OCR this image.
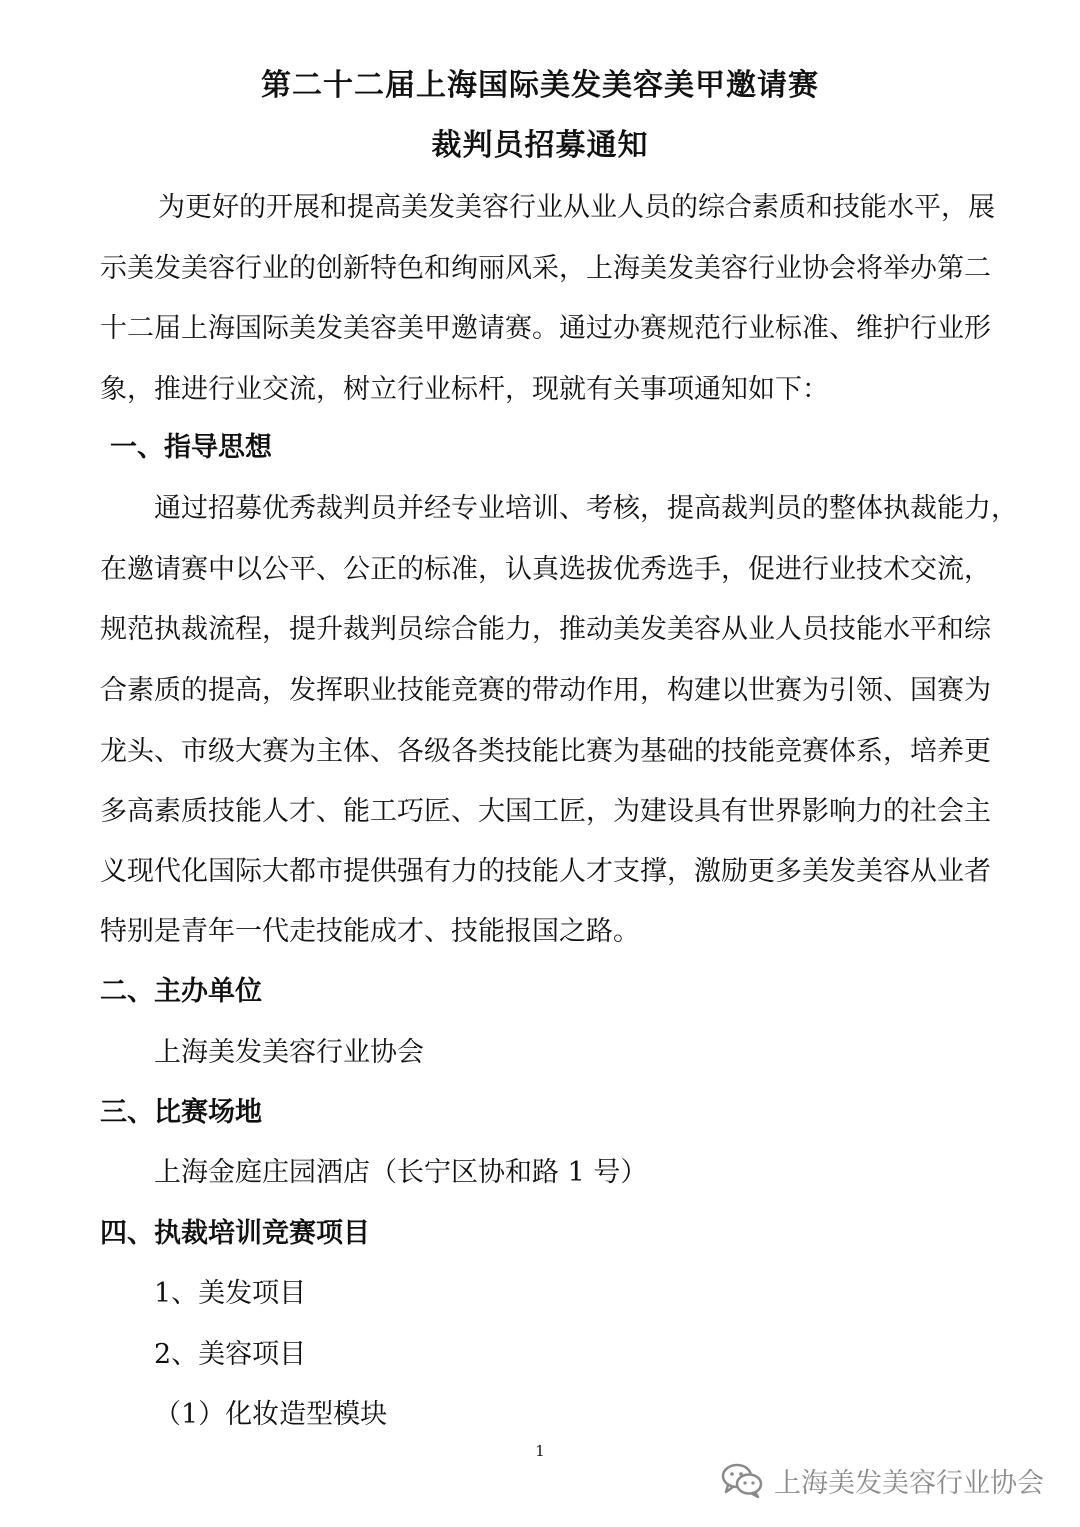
第二十二届上海国际美发美容美甲邀请赛
裁判员招募通知
为更好的开展和提高美发美容行业从业人员的综合素质和技能水平，展
示美发美容行业的创新特色和绚丽风采，上海美发美容行业协会将举办第二
十二届上海国际美发美容美甲邀请赛。通过办赛规范行业标准、维护行业形
象，推进行业交流，树立行业标杆，现就有关事项通知如下：
一、指导思想
通过招募优秀裁判员并经专业培训、考核，提高裁判员的整体执裁能力，
在邀请赛中以公平、公正的标准，认真选拔优秀选手，促进行业技术交流，
规范执裁流程，提升裁判员综合能力，推动美发美容从业人员技能水平和综
合素质的提高，发挥职业技能竞赛的带动作用，构建以世赛为引领、国赛为
龙头、市级大赛为主体、各级各类技能比赛为基础的技能竞赛体系，培养更
多高素质技能人才、能工巧匠、大国工匠，为建设具有世界影响力的社会主
义现代化国际大都市提供强有力的技能人才支撑，激励更多美发美容从业者
特别是青年一代走技能成才、技能报国之路。
二、主办单位
上海美发美容行业协会
三、比赛场地
上海金庭庄园酒店（长宁区协和路 1 号）
四、执裁培训竞赛项目
1、美发项目
2、美容项目
（1）化妆造型模块
1
上海美发美容行业协会
